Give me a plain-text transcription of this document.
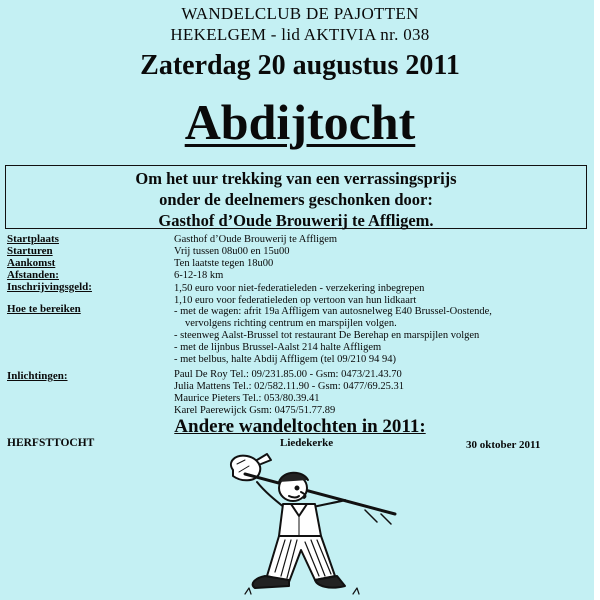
WANDELCLUB DE PAJOTTEN
HEKELGEM - lid AKTIVIA nr. 038
Zaterdag 20 augustus 2011
Abdijtocht
Om het uur trekking van een verrassingsprijs
onder de deelnemers geschonken door:
Gasthof d’Oude Brouwerij te Affligem.
Startplaats	Gasthof d’Oude Brouwerij te Affligem
Starturen	Vrij tussen 08u00 en 15u00
Aankomst	Ten laatste tegen 18u00
Afstanden:	6-12-18 km
Inschrijvingsgeld:	1,50 euro voor niet-federatieleden - verzekering inbegrepen
1,10 euro voor federatieleden op vertoon van hun lidkaart
Hoe te bereiken	- met de wagen: afrit 19a Affligem van autosnelweg E40 Brussel-Oostende,
vervolgens richting centrum en marspijlen volgen.
- steenweg Aalst-Brussel tot restaurant De Berehap en marspijlen volgen
- met de lijnbus Brussel-Aalst 214 halte Affligem
- met belbus, halte Abdij Affligem (tel 09/210 94 94)
Inlichtingen:	Paul De Roy Tel.: 09/231.85.00 - Gsm: 0473/21.43.70
Julia Mattens Tel.: 02/582.11.90 - Gsm: 0477/69.25.31
Maurice Pieters Tel.: 053/80.39.41
Karel Paerewijck Gsm: 0475/51.77.89
Andere wandeltochten in 2011:
HERFSTTOCHT	Liedekerke	30 oktober 2011
